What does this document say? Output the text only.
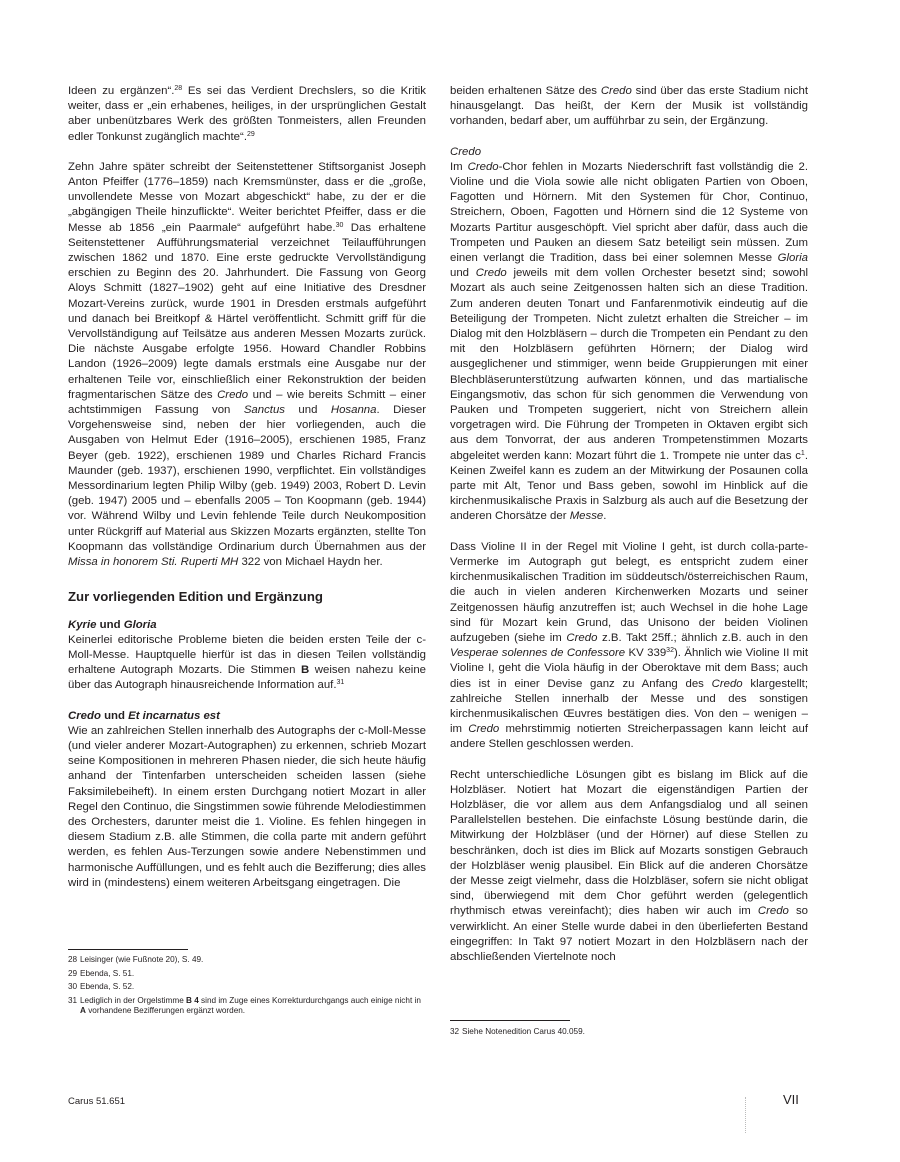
Ideen zu ergänzen“.$^{28}$ Es sei das Verdient Drechslers, so die Kritik weiter, dass er „ein erhabenes, heiliges, in der ursprünglichen Gestalt aber unbenützbares Werk des größten Tonmeisters, allen Freunden edler Tonkunst zugänglich machte“.$^{29}$

Zehn Jahre später schreibt der Seitenstettener Stiftsorganist Joseph Anton Pfeiffer (1776–1859) nach Kremsmünster, dass er die „große, unvollendete Messe von Mozart abgeschickt“ habe, zu der er die „abgängigen Theile hinzuflickte“. Weiter berichtet Pfeiffer, dass er die Messe ab 1856 „ein Paarmale“ aufgeführt habe.$^{30}$ Das erhaltene Seitenstettener Aufführungsmaterial verzeichnet Teilaufführungen zwischen 1862 und 1870. Eine erste gedruckte Vervollständigung erschien zu Beginn des 20. Jahrhundert. Die Fassung von Georg Aloys Schmitt (1827–1902) geht auf eine Initiative des Dresdner Mozart-Vereins zurück, wurde 1901 in Dresden erstmals aufgeführt und danach bei Breitkopf & Härtel veröffentlicht. Schmitt griff für die Vervollständigung auf Teilsätze aus anderen Messen Mozarts zurück. Die nächste Ausgabe erfolgte 1956. Howard Chandler Robbins Landon (1926–2009) legte damals erstmals eine Ausgabe nur der erhaltenen Teile vor, einschließlich einer Rekonstruktion der beiden fragmentarischen Sätze des Credo und – wie bereits Schmitt – einer achtstimmigen Fassung von Sanctus und Hosanna. Dieser Vorgehensweise sind, neben der hier vorliegenden, auch die Ausgaben von Helmut Eder (1916–2005), erschienen 1985, Franz Beyer (geb. 1922), erschienen 1989 und Charles Richard Francis Maunder (geb. 1937), erschienen 1990, verpflichtet. Ein vollständiges Messordinarium legten Philip Wilby (geb. 1949) 2003, Robert D. Levin (geb. 1947) 2005 und – ebenfalls 2005 – Ton Koopmann (geb. 1944) vor. Während Wilby und Levin fehlende Teile durch Neukomposition unter Rückgriff auf Material aus Skizzen Mozarts ergänzten, stellte Ton Koopmann das vollständige Ordinarium durch Übernahmen aus der Missa in honorem Sti. Ruperti MH 322 von Michael Haydn her.

Zur vorliegenden Edition und Ergänzung
Kyrie und Gloria

Keinerlei editorische Probleme bieten die beiden ersten Teile der c-Moll-Messe. Hauptquelle hierfür ist das in diesen Teilen vollständig erhaltene Autograph Mozarts. Die Stimmen B weisen nahezu keine über das Autograph hinausreichende Information auf.$^{31}$

Credo und Et incarnatus est

Wie an zahlreichen Stellen innerhalb des Autographs der c-Moll-Messe (und vieler anderer Mozart-Autographen) zu erkennen, schrieb Mozart seine Kompositionen in mehreren Phasen nieder, die sich heute häufig anhand der Tintenfarben unterscheiden scheiden lassen (siehe Faksimilebeiheft). In einem ersten Durchgang notiert Mozart in aller Regel den Continuo, die Singstimmen sowie führende Melodiestimmen des Orchesters, darunter meist die 1. Violine. Es fehlen hingegen in diesem Stadium z.B. alle Stimmen, die colla parte mit andern geführt werden, es fehlen Aus-Terzungen sowie andere Nebenstimmen und harmonische Auffüllungen, und es fehlt auch die Bezifferung; dies alles wird in (mindestens) einem weiteren Arbeitsgang eingetragen. Die

28 Leisinger (wie Fußnote 20), S. 49.
29 Ebenda, S. 51.
30 Ebenda, S. 52.
31 Lediglich in der Orgelstimme B 4 sind im Zuge eines Korrekturdurchgangs auch einige nicht in A vorhandene Bezifferungen ergänzt worden.

beiden erhaltenen Sätze des Credo sind über das erste Stadium nicht hinausgelangt. Das heißt, der Kern der Musik ist vollständig vorhanden, bedarf aber, um aufführbar zu sein, der Ergänzung.

Credo

Im Credo-Chor fehlen in Mozarts Niederschrift fast vollständig die 2. Violine und die Viola sowie alle nicht obligaten Partien von Oboen, Fagotten und Hörnern. Mit den Systemen für Chor, Continuo, Streichern, Oboen, Fagotten und Hörnern sind die 12 Systeme von Mozarts Partitur ausgeschöpft. Viel spricht aber dafür, dass auch die Trompeten und Pauken an diesem Satz beteiligt sein müssen. Zum einen verlangt die Tradition, dass bei einer solemnen Messe Gloria und Credo jeweils mit dem vollen Orchester besetzt sind; sowohl Mozart als auch seine Zeitgenossen halten sich an diese Tradition. Zum anderen deuten Tonart und Fanfarenmotivik eindeutig auf die Beteiligung der Trompeten. Nicht zuletzt erhalten die Streicher – im Dialog mit den Holzbläsern – durch die Trompeten ein Pendant zu den mit den Holzbläsern geführten Hörnern; der Dialog wird ausgeglichener und stimmiger, wenn beide Gruppierungen mit einer Blechbläserunterstützung aufwarten können, und das martialische Eingangsmotiv, das schon für sich genommen die Verwendung von Pauken und Trompeten suggeriert, nicht von Streichern allein vorgetragen wird. Die Führung der Trompeten in Oktaven ergibt sich aus dem Tonvorrat, der aus anderen Trompetenstimmen Mozarts abgeleitet werden kann: Mozart führt die 1. Trompete nie unter das $c^1$. Keinen Zweifel kann es zudem an der Mitwirkung der Posaunen colla parte mit Alt, Tenor und Bass geben, sowohl im Hinblick auf die kirchenmusikalische Praxis in Salzburg als auch auf die Besetzung der anderen Chorsätze der Messe.

Dass Violine II in der Regel mit Violine I geht, ist durch colla-parte-Vermerke im Autograph gut belegt, es entspricht zudem einer kirchenmusikalischen Tradition im süddeutsch/österreichischen Raum, die auch in vielen anderen Kirchenwerken Mozarts und seiner Zeitgenossen häufig anzutreffen ist; auch Wechsel in die hohe Lage sind für Mozart kein Grund, das Unisono der beiden Violinen aufzugeben (siehe im Credo z.B. Takt 25ff.; ähnlich z.B. auch in den Vesperae solennes de Confessore KV $339^{32}$). Ähnlich wie Violine II mit Violine I, geht die Viola häufig in der Oberoktave mit dem Bass; auch dies ist in einer Devise ganz zu Anfang des Credo klargestellt; zahlreiche Stellen innerhalb der Messe und des sonstigen kirchenmusikalischen Œuvres bestätigen dies. Von den – wenigen – im Credo mehrstimmig notierten Streicherpassagen kann leicht auf andere Stellen geschlossen werden.

Recht unterschiedliche Lösungen gibt es bislang im Blick auf die Holzbläser. Notiert hat Mozart die eigenständigen Partien der Holzbläser, die vor allem aus dem Anfangsdialog und all seinen Parallelstellen bestehen. Die einfachste Lösung bestünde darin, die Mitwirkung der Holzbläser (und der Hörner) auf diese Stellen zu beschränken, doch ist dies im Blick auf Mozarts sonstigen Gebrauch der Holzbläser wenig plausibel. Ein Blick auf die anderen Chorsätze der Messe zeigt vielmehr, dass die Holzbläser, sofern sie nicht obligat sind, überwiegend mit dem Chor geführt werden (gelegentlich rhythmisch etwas vereinfacht); dies haben wir auch im Credo so verwirklicht. An einer Stelle wurde dabei in den überlieferten Bestand eingegriffen: In Takt 97 notiert Mozart in den Holzbläsern nach der abschließenden Viertelnote noch

32 Siehe Notenedition Carus 40.059.
Carus 51.651	VII
